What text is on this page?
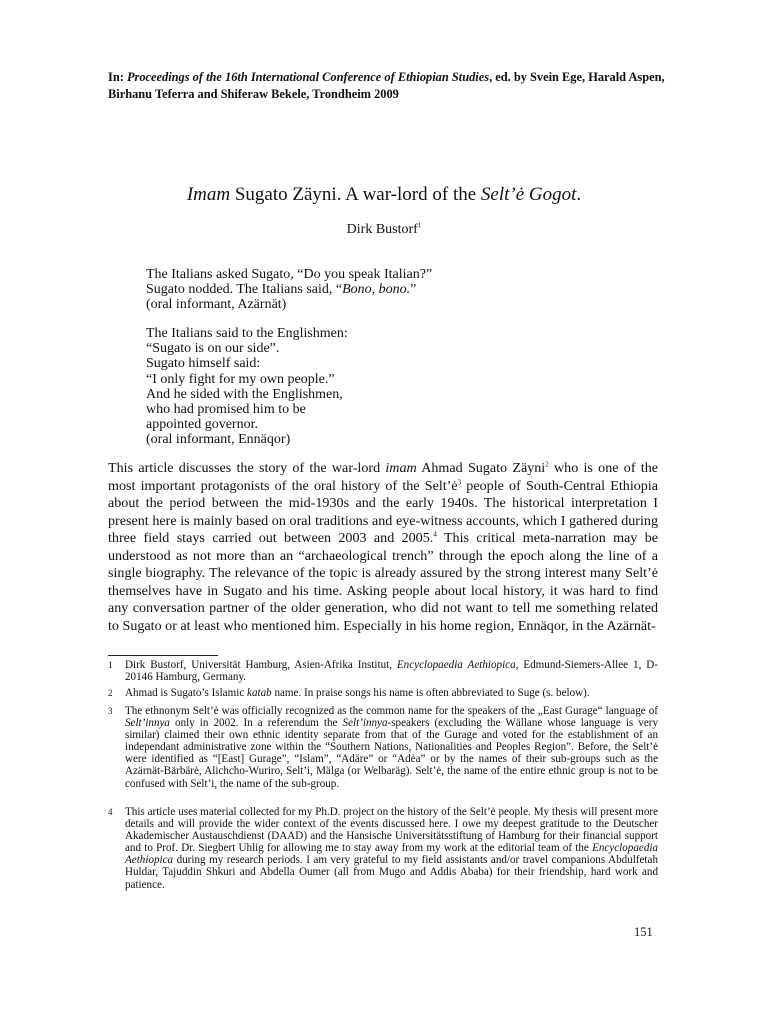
In: Proceedings of the 16th International Conference of Ethiopian Studies, ed. by Svein Ege, Harald Aspen, Birhanu Teferra and Shiferaw Bekele, Trondheim 2009
Imam Sugato Zäyni. A war-lord of the Selt’ė Gogot.
Dirk Bustorf$^1$
The Italians asked Sugato, “Do you speak Italian?”
Sugato nodded. The Italians said, “Bono, bono.”
(oral informant, Azärnät)
The Italians said to the Englishmen:
“Sugato is on our side”.
Sugato himself said:
“I only fight for my own people.”
And he sided with the Englishmen,
who had promised him to be
appointed governor.
(oral informant, Ennäqor)

This article discusses the story of the war-lord imam Ahmad Sugato Zäyni$^2$ who is one of the most important protagonists of the oral history of the $Selt’ė^3$ people of South-Central Ethiopia about the period between the mid-1930s and the early 1940s. The historical interpretation I present here is mainly based on oral traditions and eye-witness accounts, which I gathered during three field stays carried out between 2003 and 2005.$^4$ This critical meta-narration may be understood as not more than an “archaeological trench” through the epoch along the line of a single biography. The relevance of the topic is already assured by the strong interest many Selt’ė themselves have in Sugato and his time. Asking people about local history, it was hard to find any conversation partner of the older generation, who did not want to tell me something related to Sugato or at least who mentioned him. Especially in his home region, Ennäqor, in the Azärnät-

1 Dirk Bustorf, Universität Hamburg, Asien-Afrika Institut, Encyclopaedia Aethiopica, Edmund-Siemers-Allee 1, D-20146 Hamburg, Germany.
2 Ahmad is Sugato’s Islamic katab name. In praise songs his name is often abbreviated to Suge (s. below).
3 The ethnonym Selt’ė was officially recognized as the common name for the speakers of the „East Gurage“ language of Selt’innya only in 2002. In a referendum the Selt’innya-speakers (excluding the Wällane whose language is very similar) claimed their own ethnic identity separate from that of the Gurage and voted for the establishment of an independant administrative zone within the “Southern Nations, Nationalities and Peoples Region”. Before, the Selt’ė were identified as “[East] Gurage”, “Islam”, “Adäre” or “Adėa” or by the names of their sub-groups such as the Azärnät-Bärbärė, Alichcho-Wuriro, Selt’i, Mälga (or Welbaräg). Selt’ė, the name of the entire ethnic group is not to be confused with Selt’i, the name of the sub-group.
4 This article uses material collected for my Ph.D. project on the history of the Selt’ė people. My thesis will present more details and will provide the wider context of the events discussed here. I owe my deepest gratitude to the Deutscher Akademischer Austauschdienst (DAAD) and the Hansische Universitätsstiftung of Hamburg for their financial support and to Prof. Dr. Siegbert Uhlig for allowing me to stay away from my work at the editorial team of the Encyclopaedia Aethiopica during my research periods. I am very grateful to my field assistants and/or travel companions Abdulfetah Huldar, Tajuddin Shkuri and Abdella Oumer (all from Mugo and Addis Ababa) for their friendship, hard work and patience.
151
